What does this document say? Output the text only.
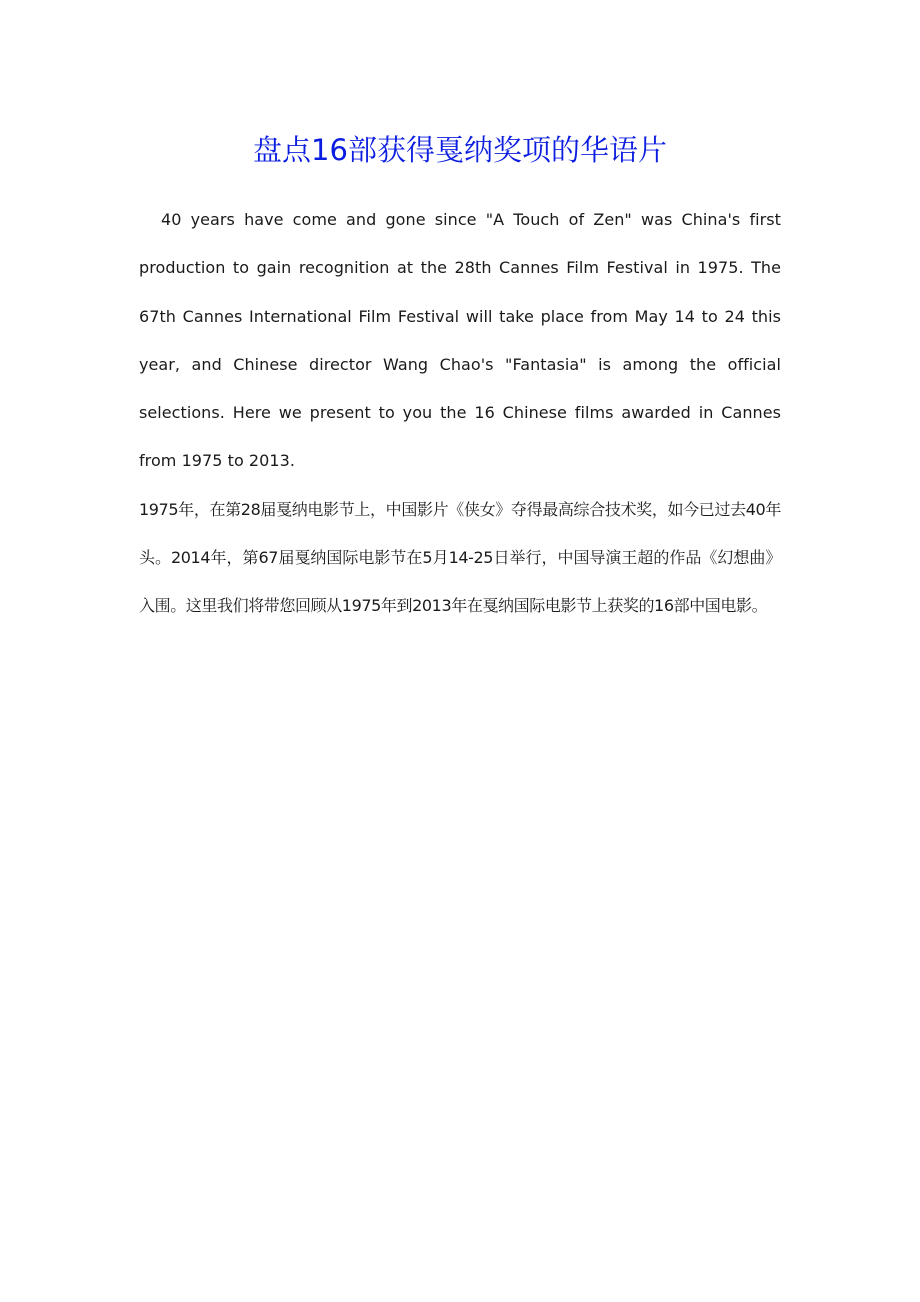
盘点16部获得戛纳奖项的华语片

40 years have come and gone since "A Touch of Zen" was China's first production to gain recognition at the 28th Cannes Film Festival in 1975. The 67th Cannes International Film Festival will take place from May 14 to 24 this year, and Chinese director Wang Chao's "Fantasia" is among the official selections. Here we present to you the 16 Chinese films awarded in Cannes from 1975 to 2013.

1975年，在第28届戛纳电影节上，中国影片《侠女》夺得最高综合技术奖，如今已过去40年头。2014年，第67届戛纳国际电影节在5月14-25日举行，中国导演王超的作品《幻想曲》入围。这里我们将带您回顾从1975年到2013年在戛纳国际电影节上获奖的16部中国电影。
